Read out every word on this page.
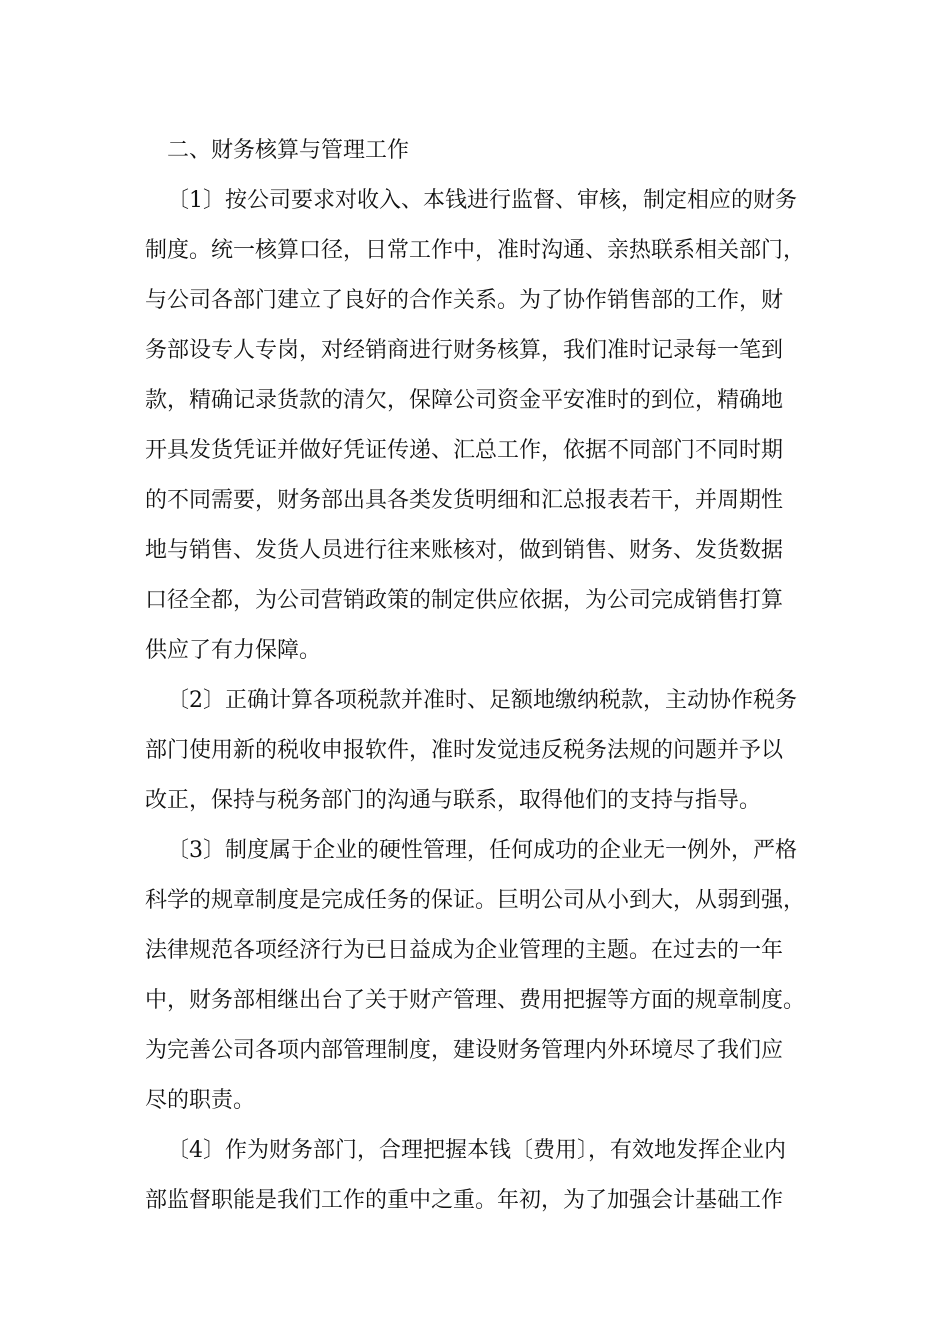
二、财务核算与管理工作

〔1〕按公司要求对收入、本钱进行监督、审核，制定相应的财务
制度。统一核算口径，日常工作中，准时沟通、亲热联系相关部门，
与公司各部门建立了良好的合作关系。为了协作销售部的工作，财
务部设专人专岗，对经销商进行财务核算，我们准时记录每一笔到
款，精确记录货款的清欠，保障公司资金平安准时的到位，精确地
开具发货凭证并做好凭证传递、汇总工作，依据不同部门不同时期
的不同需要，财务部出具各类发货明细和汇总报表若干，并周期性
地与销售、发货人员进行往来账核对，做到销售、财务、发货数据
口径全都，为公司营销政策的制定供应依据，为公司完成销售打算
供应了有力保障。
〔2〕正确计算各项税款并准时、足额地缴纳税款，主动协作税务
部门使用新的税收申报软件，准时发觉违反税务法规的问题并予以
改正，保持与税务部门的沟通与联系，取得他们的支持与指导。
〔3〕制度属于企业的硬性管理，任何成功的企业无一例外，严格
科学的规章制度是完成任务的保证。巨明公司从小到大，从弱到强，
法律规范各项经济行为已日益成为企业管理的主题。在过去的一年
中，财务部相继出台了关于财产管理、费用把握等方面的规章制度。
为完善公司各项内部管理制度，建设财务管理内外环境尽了我们应
尽的职责。
〔4〕作为财务部门，合理把握本钱〔费用〕，有效地发挥企业内
部监督职能是我们工作的重中之重。年初，为了加强会计基础工作
